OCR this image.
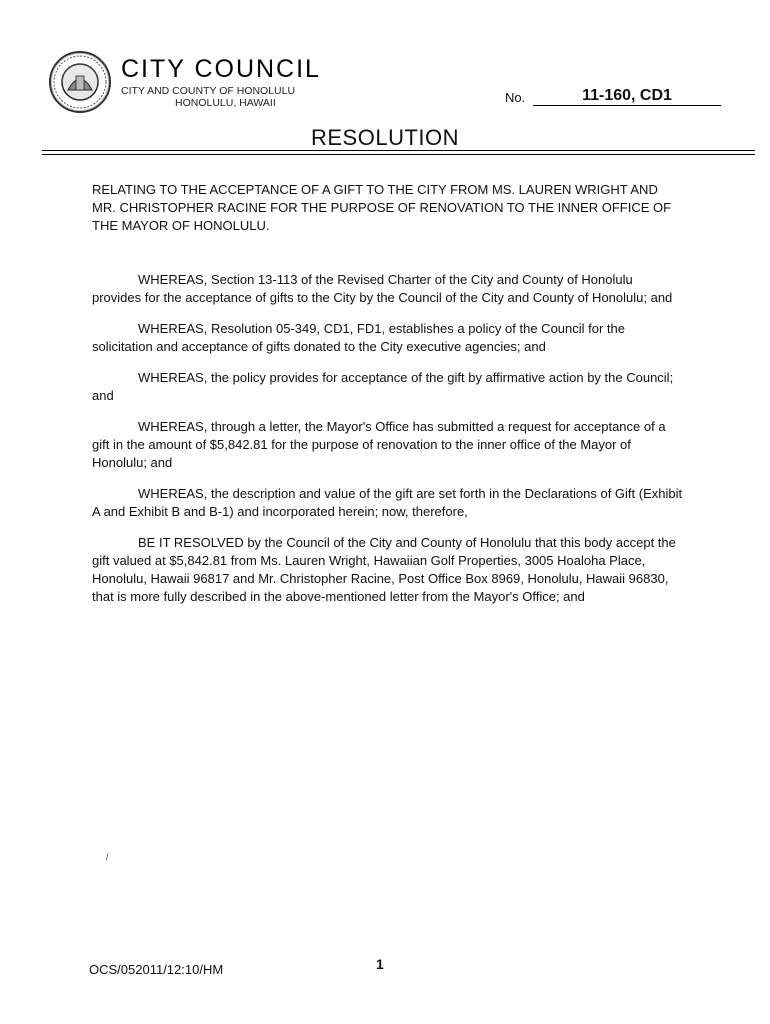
CITY COUNCIL
CITY AND COUNTY OF HONOLULU
HONOLULU, HAWAII	No.	11-160, CD1
RESOLUTION

RELATING TO THE ACCEPTANCE OF A GIFT TO THE CITY FROM MS. LAUREN WRIGHT AND MR. CHRISTOPHER RACINE FOR THE PURPOSE OF RENOVATION TO THE INNER OFFICE OF THE MAYOR OF HONOLULU.

WHEREAS, Section 13-113 of the Revised Charter of the City and County of Honolulu provides for the acceptance of gifts to the City by the Council of the City and County of Honolulu; and

WHEREAS, Resolution 05-349, CD1, FD1, establishes a policy of the Council for the solicitation and acceptance of gifts donated to the City executive agencies; and

WHEREAS, the policy provides for acceptance of the gift by affirmative action by the Council; and

WHEREAS, through a letter, the Mayor's Office has submitted a request for acceptance of a gift in the amount of $5,842.81 for the purpose of renovation to the inner office of the Mayor of Honolulu; and

WHEREAS, the description and value of the gift are set forth in the Declarations of Gift (Exhibit A and Exhibit B and B-1) and incorporated herein; now, therefore,

BE IT RESOLVED by the Council of the City and County of Honolulu that this body accept the gift valued at $5,842.81 from Ms. Lauren Wright, Hawaiian Golf Properties, 3005 Hoaloha Place, Honolulu, Hawaii 96817 and Mr. Christopher Racine, Post Office Box 8969, Honolulu, Hawaii 96830, that is more fully described in the above-mentioned letter from the Mayor's Office; and

/
OCS/052011/12:10/HM	1
